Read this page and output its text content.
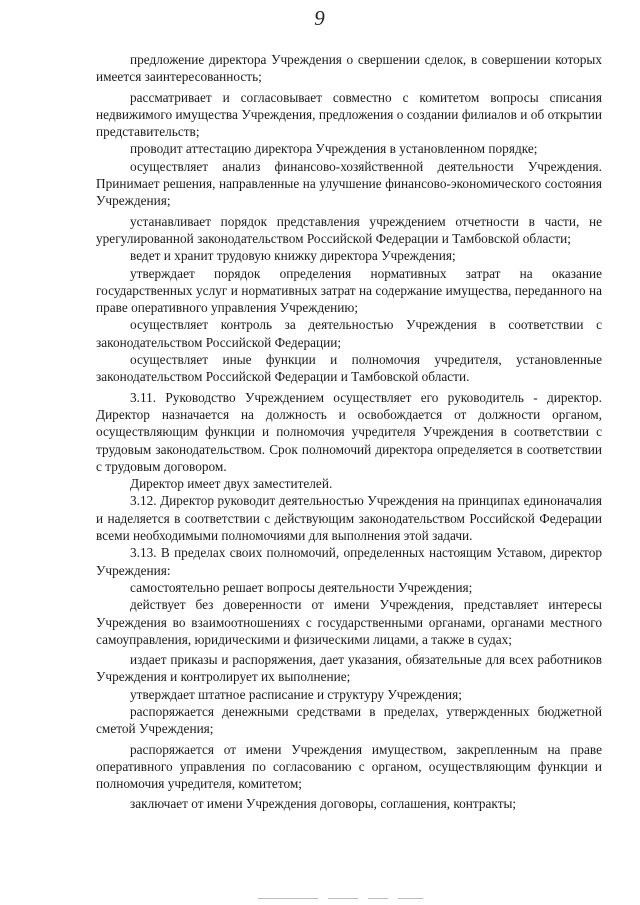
9

предложение директора Учреждения о свершении сделок, в совершении которых имеется заинтересованность;

рассматривает и согласовывает совместно с комитетом вопросы списания недвижимого имущества Учреждения, предложения о создании филиалов и об открытии представительств;

проводит аттестацию директора Учреждения в установленном порядке;

осуществляет анализ финансово-хозяйственной деятельности Учреждения. Принимает решения, направленные на улучшение финансово-экономического состояния Учреждения;

устанавливает порядок представления учреждением отчетности в части, не урегулированной законодательством Российской Федерации и Тамбовской области;

ведет и хранит трудовую книжку директора Учреждения;

утверждает порядок определения нормативных затрат на оказание государственных услуг и нормативных затрат на содержание имущества, переданного на праве оперативного управления Учреждению;

осуществляет контроль за деятельностью Учреждения в соответствии с законодательством Российской Федерации;

осуществляет иные функции и полномочия учредителя, установленные законодательством Российской Федерации и Тамбовской области.

3.11. Руководство Учреждением осуществляет его руководитель - директор. Директор назначается на должность и освобождается от должности органом, осуществляющим функции и полномочия учредителя Учреждения в соответствии с трудовым законодательством. Срок полномочий директора определяется в соответствии с трудовым договором.

Директор имеет двух заместителей.

3.12. Директор руководит деятельностью Учреждения на принципах единоначалия и наделяется в соответствии с действующим законодательством Российской Федерации всеми необходимыми полномочиями для выполнения этой задачи.

3.13. В пределах своих полномочий, определенных настоящим Уставом, директор Учреждения:

самостоятельно решает вопросы деятельности Учреждения;

действует без доверенности от имени Учреждения, представляет интересы Учреждения во взаимоотношениях с государственными органами, органами местного самоуправления, юридическими и физическими лицами, а также в судах;

издает приказы и распоряжения, дает указания, обязательные для всех работников Учреждения и контролирует их выполнение;

утверждает штатное расписание и структуру Учреждения;

распоряжается денежными средствами в пределах, утвержденных бюджетной сметой Учреждения;

распоряжается от имени Учреждения имуществом, закрепленным на праве оперативного управления по согласованию с органом, осуществляющим функции и полномочия учредителя, комитетом;

заключает от имени Учреждения договоры, соглашения, контракты;
